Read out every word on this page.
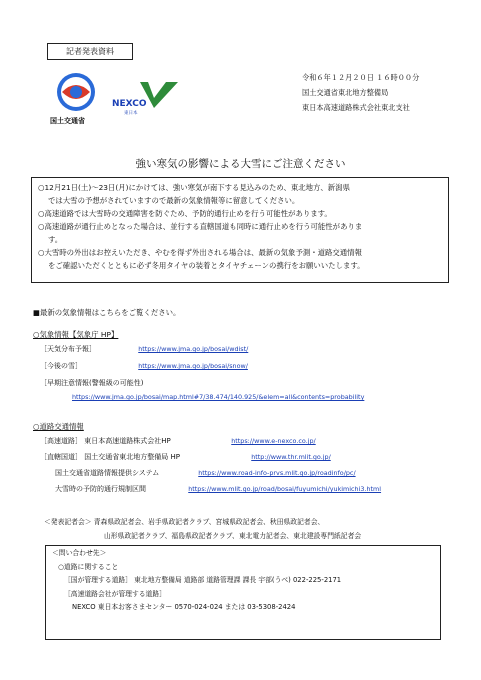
記者発表資料
国土交通省
NEXCO
東日本
令和６年１２月２０日 １６時００分
国土交通省東北地方整備局
東日本高速道路株式会社東北支社
強い寒気の影響による大雪にご注意ください

○12月21日(土)～23日(月)にかけては、強い寒気が南下する見込みのため、東北地方、新潟県

では大雪の予想がされていますので最新の気象情報等に留意してください。

○高速道路では大雪時の交通障害を防ぐため、予防的通行止めを行う可能性があります。

○高速道路が通行止めとなった場合は、並行する直轄国道も同時に通行止めを行う可能性がありま

す。

○大雪時の外出はお控えいただき、やむを得ず外出される場合は、最新の気象予測・道路交通情報

をご確認いただくとともに必ず冬用タイヤの装着とタイヤチェーンの携行をお願いいたします。

■最新の気象情報はこちらをご覧ください。
○気象情報【気象庁 HP】
［天気分布予報］	https://www.jma.go.jp/bosai/wdist/
［今後の雪］	https://www.jma.go.jp/bosai/snow/
［早期注意情報(警報級の可能性)
https://www.jma.go.jp/bosai/map.html#7/38.474/140.925/&elem=all&contents=probability
○道路交通情報
［高速道路］ 東日本高速道路株式会社HP	https://www.e-nexco.co.jp/
［直轄国道］ 国土交通省東北地方整備局 HP	http://www.thr.mlit.go.jp/
国土交通省道路情報提供システム	https://www.road-info-prvs.mlit.go.jp/roadinfo/pc/
大雪時の予防的通行規制区間	https://www.mlit.go.jp/road/bosai/fuyumichi/yukimichi3.html
＜発表記者会＞ 青森県政記者会、岩手県政記者クラブ、宮城県政記者会、秋田県政記者会、
山形県政記者クラブ、福島県政記者クラブ、東北電力記者会、東北建設専門紙記者会
＜問い合わせ先＞
○道路に関すること
［国が管理する道路］ 東北地方整備局 道路部 道路管理課 課長 宇部(うべ) 022-225-2171
［高速道路会社が管理する道路］
NEXCO 東日本お客さまセンター 0570-024-024 または 03-5308-2424
